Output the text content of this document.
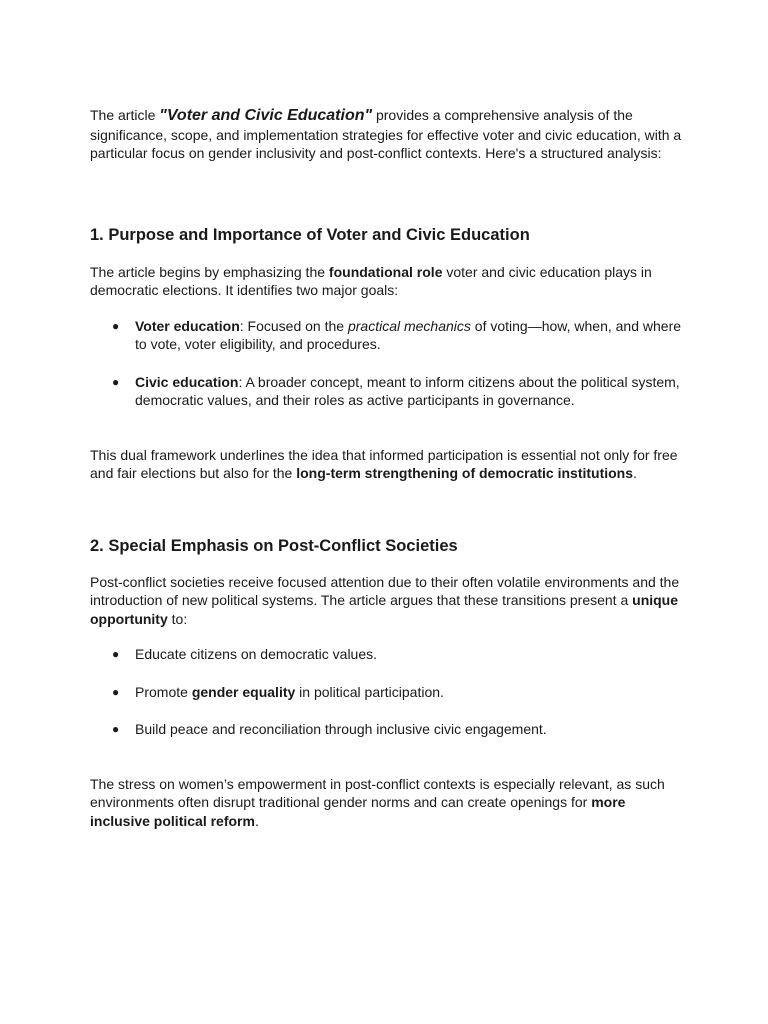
The article "Voter and Civic Education" provides a comprehensive analysis of the significance, scope, and implementation strategies for effective voter and civic education, with a particular focus on gender inclusivity and post-conflict contexts. Here's a structured analysis:

1. Purpose and Importance of Voter and Civic Education

The article begins by emphasizing the foundational role voter and civic education plays in democratic elections. It identifies two major goals:

● Voter education: Focused on the practical mechanics of voting—how, when, and where to vote, voter eligibility, and procedures.
● Civic education: A broader concept, meant to inform citizens about the political system, democratic values, and their roles as active participants in governance.

This dual framework underlines the idea that informed participation is essential not only for free and fair elections but also for the long-term strengthening of democratic institutions.

2. Special Emphasis on Post-Conflict Societies

Post-conflict societies receive focused attention due to their often volatile environments and the introduction of new political systems. The article argues that these transitions present a unique opportunity to:

● Educate citizens on democratic values.
● Promote gender equality in political participation.
● Build peace and reconciliation through inclusive civic engagement.

The stress on women’s empowerment in post-conflict contexts is especially relevant, as such environments often disrupt traditional gender norms and can create openings for more inclusive political reform.
